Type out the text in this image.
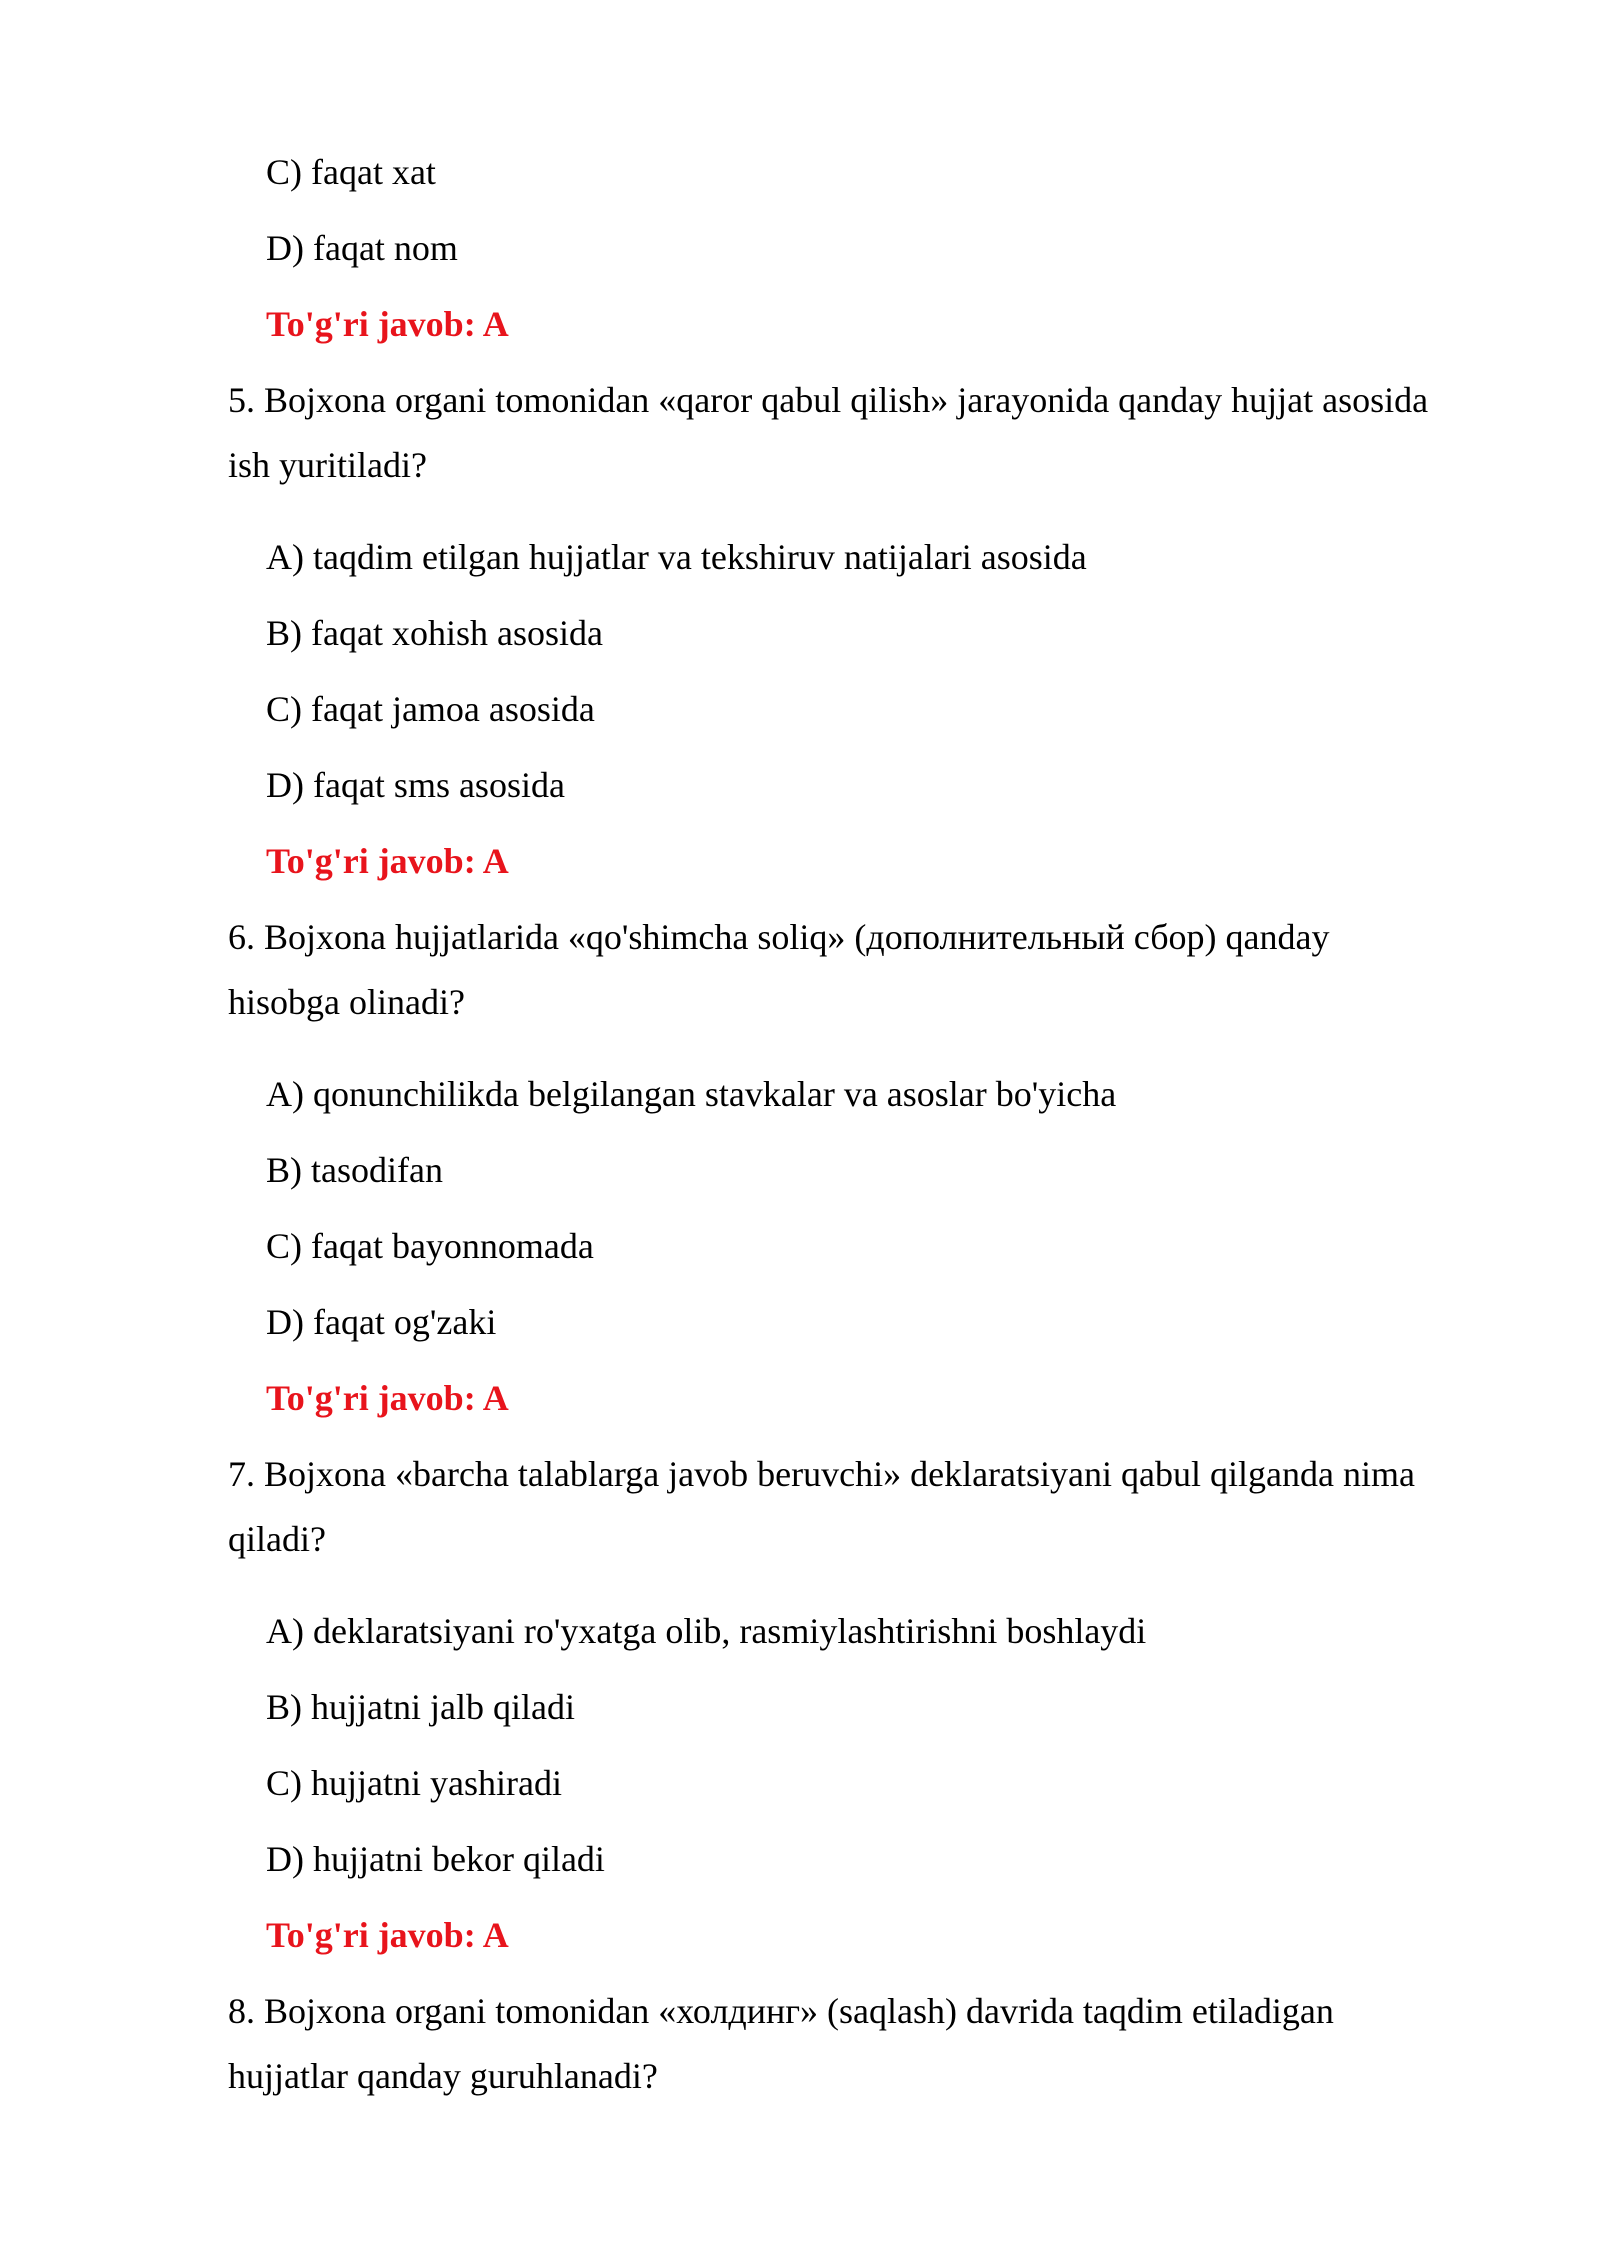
C) faqat xat
D) faqat nom
To'g'ri javob: A
5. Bojxona organi tomonidan «qaror qabul qilish» jarayonida qanday hujjat asosida
ish yuritiladi?
A) taqdim etilgan hujjatlar va tekshiruv natijalari asosida
B) faqat xohish asosida
C) faqat jamoa asosida
D) faqat sms asosida
To'g'ri javob: A
6. Bojxona hujjatlarida «qo'shimcha soliq» (дополнительный сбор) qanday
hisobga olinadi?
A) qonunchilikda belgilangan stavkalar va asoslar bo'yicha
B) tasodifan
C) faqat bayonnomada
D) faqat og'zaki
To'g'ri javob: A
7. Bojxona «barcha talablarga javob beruvchi» deklaratsiyani qabul qilganda nima
qiladi?
A) deklaratsiyani ro'yxatga olib, rasmiylashtirishni boshlaydi
B) hujjatni jalb qiladi
C) hujjatni yashiradi
D) hujjatni bekor qiladi
To'g'ri javob: A
8. Bojxona organi tomonidan «холдинг» (saqlash) davrida taqdim etiladigan
hujjatlar qanday guruhlanadi?
